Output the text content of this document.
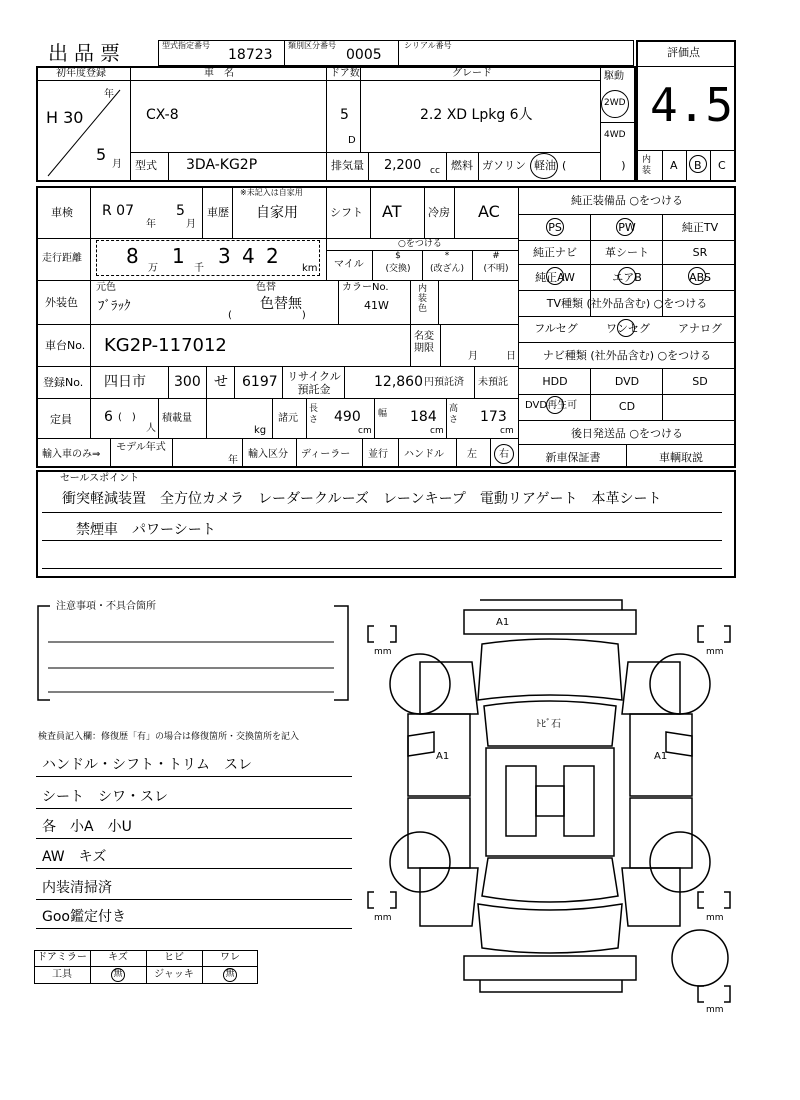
出品票	型式指定番号
18723
類別区分番号
0005
シリアル番号
評価点
4.5
内装	A B C
初年度登録
H 30
年
5
月
車　名
CX-8
ドア数
5
D
グレード
2.2 XD Lpkg 6人
駆動
2WD
4WD
型式 3DA-KG2P	排気量 2,200 cc 燃料 ガソリン 軽油 (　　　　　)
車検 R 07
年
5
月
車歴
※未記入は自家用
自家用	シフト AT 冷房 AC
走行距離 8
万
1
千
3 4 2
km
○をつける
マイル
$
(交換)
*
(改ざん)
#
(不明)
外装色
元色
ﾌﾞﾗｯｸ
色替
色替無
(　　　　　　　)
カラーNo.
41W
内装色
車台No. KG2P-117012	名変期限
月	日
登録No. 四日市 300 せ 6197 リサイクル預託金	12,860 円預託済 未預託
定員 6 (　)
人
積載量
kg
諸元
長さ 490
cm
幅 184
cm
高さ 173
cm
輸入車のみ⇒
モデル年式
年
輸入区分 ディーラー 並行 ハンドル 左 右
純正装備品 ○をつける
PS	PW	純正TV
純正ナビ	革シート	SR
純正AW	エアB	ABS
TV種類 (社外品含む) ○をつける
フルセグ	ワンセグ	アナログ
ナビ種類 (社外品含む) ○をつける
HDD	DVD	SD
DVD再生可	CD
後日発送品 ○をつける
新車保証書	車輌取説
セールスポイント
衝突軽減装置　全方位カメラ　レーダークルーズ　レーンキープ　電動リアゲート　本革シート
禁煙車　パワーシート
注意事項・不具合箇所
検査員記入欄：修復歴「有」の場合は修復箇所・交換箇所を記入
ハンドル・シフト・トリム　スレ
シート　シワ・スレ
各　小A　小U
AW　キズ
内装清掃済
Goo鑑定付き
ドアミラー	キズ	ヒビ	ワレ
工具	無	ジャッキ	無
A1
ﾄﾋﾞ石
A1	A1
mm	mm
mm	mm
mm
